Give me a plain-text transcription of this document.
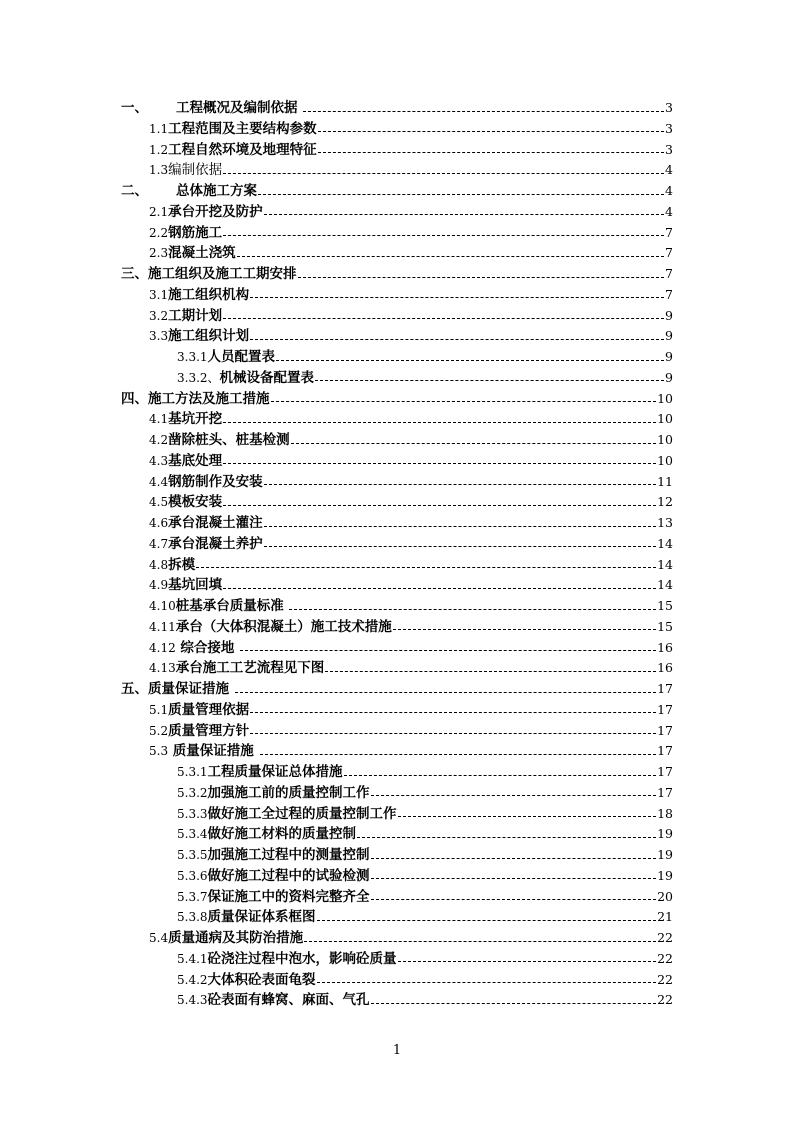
一、 工程概况及编制依据	3
1.1 工程范围及主要结构参数	3
1.2 工程自然环境及地理特征	3
1.3 编制依据	4
二、 总体施工方案	4
2.1 承台开挖及防护	4
2.2 钢筋施工	7
2.3 混凝土浇筑	7
三、 施工组织及施工工期安排	7
3.1 施工组织机构	7
3.2 工期计划	9
3.3 施工组织计划	9
3.3.1 人员配置表	9
3.3.2、 机械设备配置表	9
四、 施工方法及施工措施	10
4.1 基坑开挖	10
4.2 凿除桩头、桩基检测	10
4.3 基底处理	10
4.4 钢筋制作及安装	11
4.5 模板安装	12
4.6 承台混凝土灌注	13
4.7 承台混凝土养护	14
4.8 拆模	14
4.9 基坑回填	14
4.10 桩基承台质量标准	15
4.11 承台（大体积混凝土）施工技术措施	15
4.12 综合接地	16
4.13 承台施工工艺流程见下图	16
五、 质量保证措施	17
5.1 质量管理依据	17
5.2 质量管理方针	17
5.3 质量保证措施	17
5.3.1 工程质量保证总体措施	17
5.3.2 加强施工前的质量控制工作	17
5.3.3 做好施工全过程的质量控制工作	18
5.3.4 做好施工材料的质量控制	19
5.3.5 加强施工过程中的测量控制	19
5.3.6 做好施工过程中的试验检测	19
5.3.7 保证施工中的资料完整齐全	20
5.3.8 质量保证体系框图	21
5.4 质量通病及其防治措施	22
5.4.1 砼浇注过程中泡水，影响砼质量	22
5.4.2 大体积砼表面龟裂	22
5.4.3 砼表面有蜂窝、麻面、气孔	22
1
